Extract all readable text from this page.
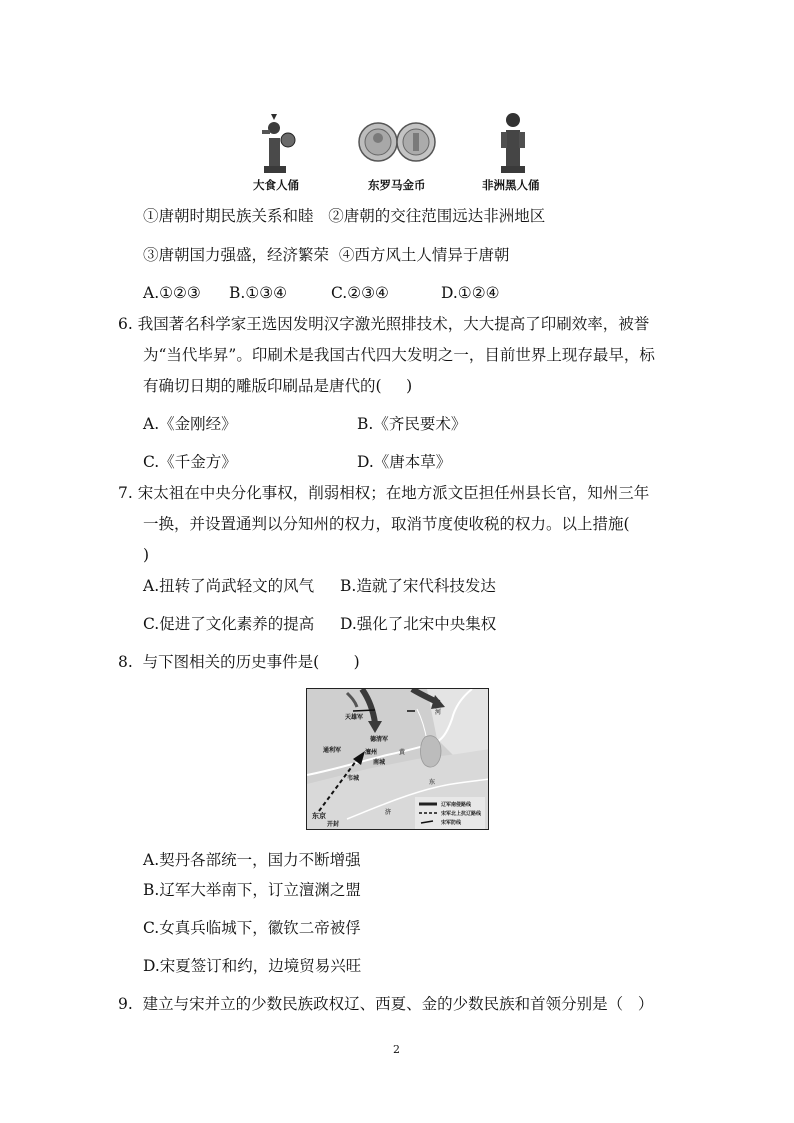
大食人俑	东罗马金币	非洲黑人俑
①唐朝时期民族关系和睦   ②唐朝的交往范围远达非洲地区
③唐朝国力强盛，经济繁荣  ④西方风土人情异于唐朝
A.①②③ B.①③④	C.②③④	D.①②④
6. 我国著名科学家王选因发明汉字激光照排技术，大大提高了印刷效率，被誉
为“当代毕昇”。印刷术是我国古代四大发明之一，目前世界上现存最早，标
有确切日期的雕版印刷品是唐代的(     )
A.《金刚经》	B.《齐民要术》
C.《千金方》	D.《唐本草》
7. 宋太祖在中央分化事权，削弱相权；在地方派文臣担任州县长官，知州三年
一换，并设置通判以分知州的权力，取消节度使收税的权力。以上措施(
)
A.扭转了尚武轻文的风气 B.造就了宋代科技发达
C.促进了文化素养的提高 D.强化了北宋中央集权
8.  与下图相关的历史事件是(       )
天雄军
德清军
通利军	澶州
南城
韦城
东京
开封
黄
河
济
东
辽军南侵路线
宋军北上抗辽路线
宋军防线
A.契丹各部统一，国力不断增强
B.辽军大举南下，订立澶渊之盟
C.女真兵临城下，徽钦二帝被俘
D.宋夏签订和约，边境贸易兴旺
9.  建立与宋并立的少数民族政权辽、西夏、金的少数民族和首领分别是（   ）
2
